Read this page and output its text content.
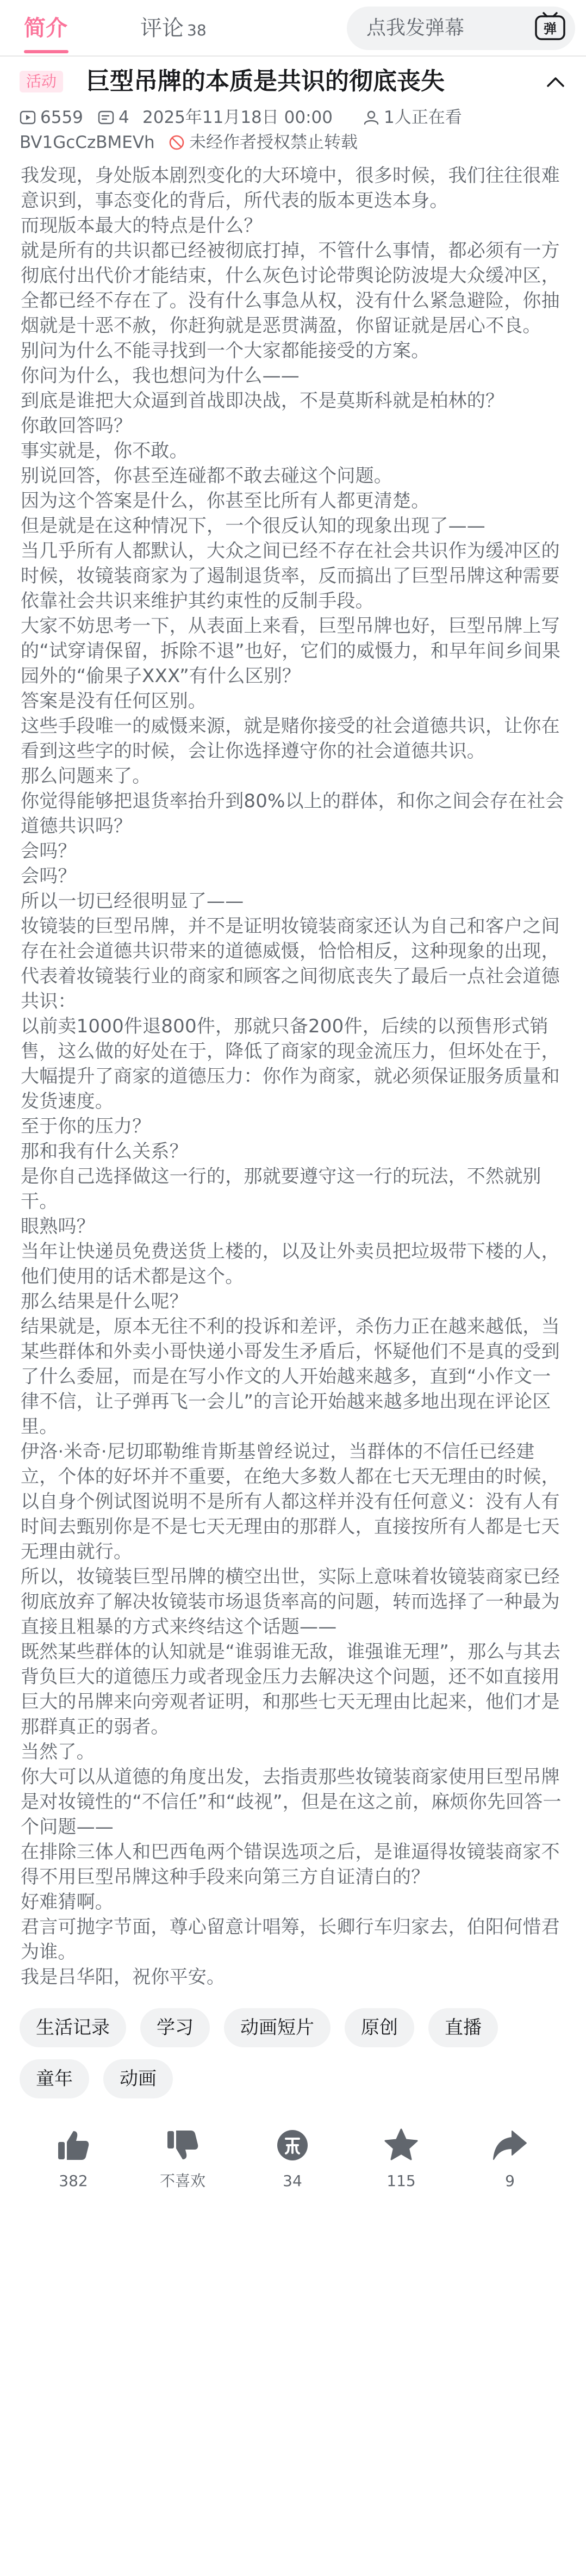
简介	评论 38	点我发弹幕	弹
活动 巨型吊牌的本质是共识的彻底丧失
6559 4 2025年11月18日 00:00	1人正在看
BV1GcCzBMEVh 未经作者授权禁止转载

我发现，身处版本剧烈变化的大环境中，很多时候，我们往往很难意识到，事态变化的背后，所代表的版本更迭本身。

而现版本最大的特点是什么？

就是所有的共识都已经被彻底打掉，不管什么事情，都必须有一方彻底付出代价才能结束，什么灰色讨论带舆论防波堤大众缓冲区，全都已经不存在了。没有什么事急从权，没有什么紧急避险，你抽烟就是十恶不赦，你赶狗就是恶贯满盈，你留证就是居心不良。

别问为什么不能寻找到一个大家都能接受的方案。

你问为什么，我也想问为什么——

到底是谁把大众逼到首战即决战，不是莫斯科就是柏林的？

你敢回答吗？

事实就是，你不敢。

别说回答，你甚至连碰都不敢去碰这个问题。

因为这个答案是什么，你甚至比所有人都更清楚。

但是就是在这种情况下，一个很反认知的现象出现了——

当几乎所有人都默认，大众之间已经不存在社会共识作为缓冲区的时候，妆镜装商家为了遏制退货率，反而搞出了巨型吊牌这种需要依靠社会共识来维护其约束性的反制手段。

大家不妨思考一下，从表面上来看，巨型吊牌也好，巨型吊牌上写的“试穿请保留，拆除不退”也好，它们的威慑力，和早年间乡间果园外的“偷果子XXX”有什么区别？

答案是没有任何区别。

这些手段唯一的威慑来源，就是赌你接受的社会道德共识，让你在看到这些字的时候，会让你选择遵守你的社会道德共识。

那么问题来了。

你觉得能够把退货率抬升到80%以上的群体，和你之间会存在社会道德共识吗？

会吗？

会吗？

所以一切已经很明显了——

妆镜装的巨型吊牌，并不是证明妆镜装商家还认为自己和客户之间存在社会道德共识带来的道德威慑，恰恰相反，这种现象的出现，代表着妆镜装行业的商家和顾客之间彻底丧失了最后一点社会道德共识：

以前卖1000件退800件，那就只备200件，后续的以预售形式销售，这么做的好处在于，降低了商家的现金流压力，但坏处在于，大幅提升了商家的道德压力：你作为商家，就必须保证服务质量和发货速度。

至于你的压力？

那和我有什么关系？

是你自己选择做这一行的，那就要遵守这一行的玩法，不然就别干。

眼熟吗？

当年让快递员免费送货上楼的，以及让外卖员把垃圾带下楼的人，他们使用的话术都是这个。

那么结果是什么呢？

结果就是，原本无往不利的投诉和差评，杀伤力正在越来越低，当某些群体和外卖小哥快递小哥发生矛盾后，怀疑他们不是真的受到了什么委屈，而是在写小作文的人开始越来越多，直到“小作文一律不信，让子弹再飞一会儿”的言论开始越来越多地出现在评论区里。

伊洛·米奇·尼切耶勒维肯斯基曾经说过，当群体的不信任已经建立，个体的好坏并不重要，在绝大多数人都在七天无理由的时候，以自身个例试图说明不是所有人都这样并没有任何意义：没有人有时间去甄别你是不是七天无理由的那群人，直接按所有人都是七天无理由就行。

所以，妆镜装巨型吊牌的横空出世，实际上意味着妆镜装商家已经彻底放弃了解决妆镜装市场退货率高的问题，转而选择了一种最为直接且粗暴的方式来终结这个话题——

既然某些群体的认知就是“谁弱谁无敌，谁强谁无理”，那么与其去背负巨大的道德压力或者现金压力去解决这个问题，还不如直接用巨大的吊牌来向旁观者证明，和那些七天无理由比起来，他们才是那群真正的弱者。

当然了。

你大可以从道德的角度出发，去指责那些妆镜装商家使用巨型吊牌是对妆镜性的“不信任”和“歧视”，但是在这之前，麻烦你先回答一个问题——

在排除三体人和巴西龟两个错误选项之后，是谁逼得妆镜装商家不得不用巨型吊牌这种手段来向第三方自证清白的？

好难猜啊。

君言可抛字节面，尊心留意计唱筹，长卿行车归家去，伯阳何惜君为谁。

我是吕华阳，祝你平安。

生活记录	学习	动画短片	原创	直播
童年	动画
382	不喜欢	34	115	9
